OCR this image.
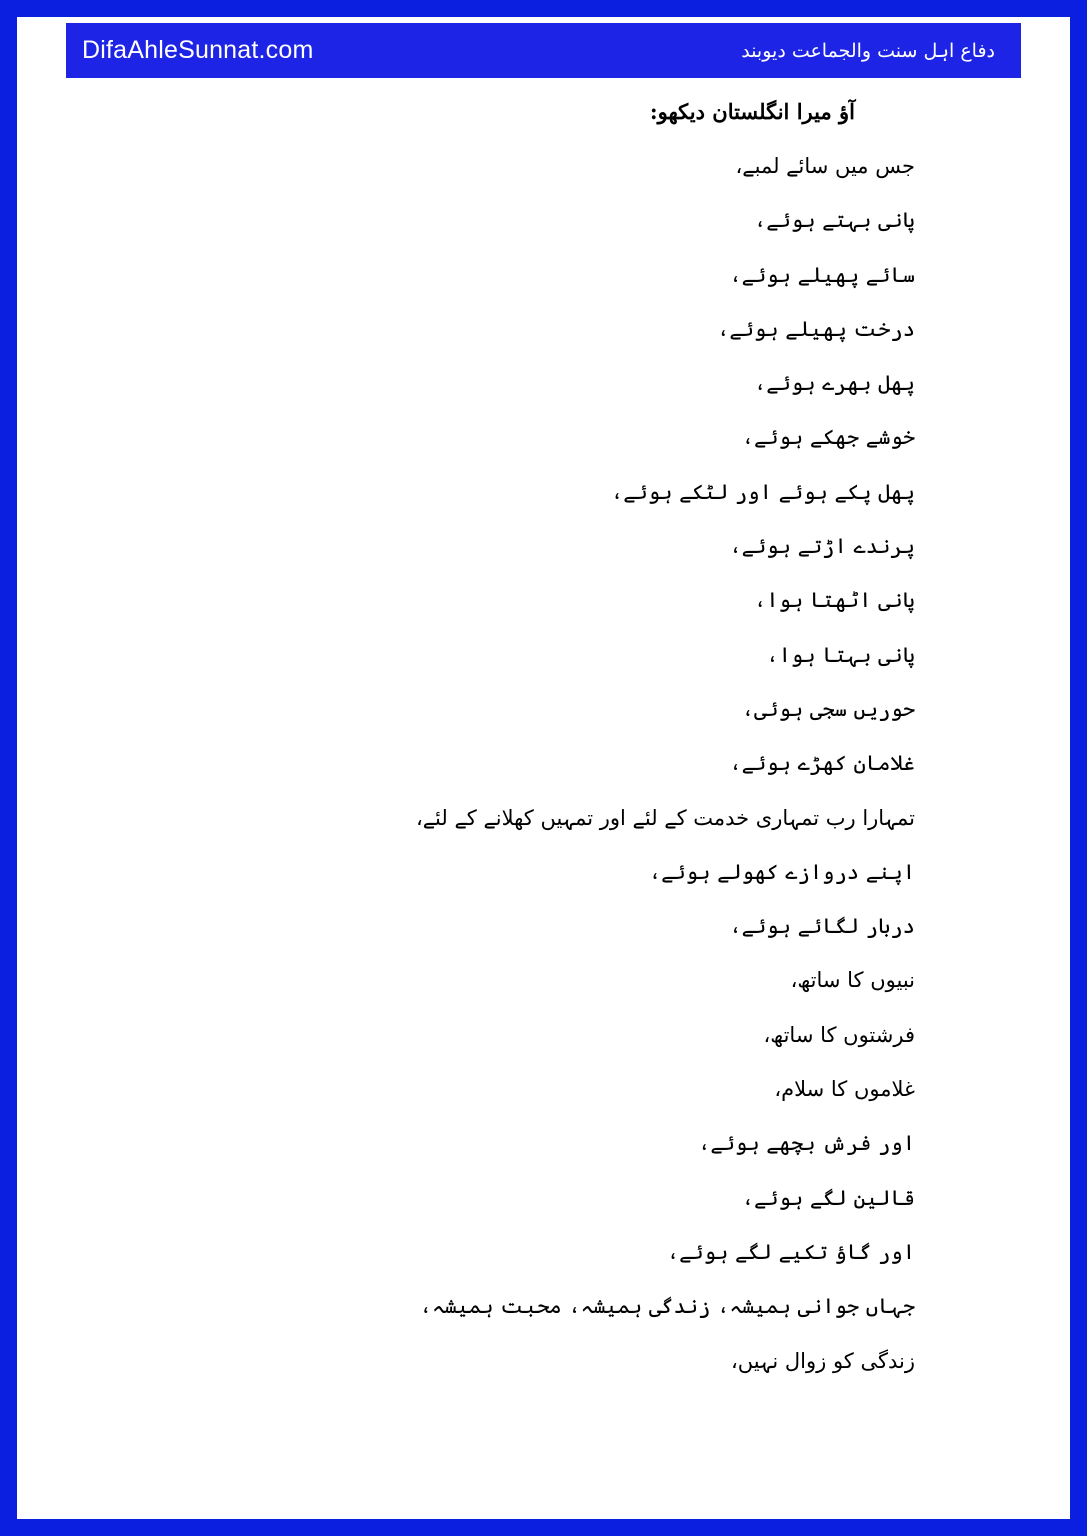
DifaAhleSunnat.com	دفاع اہل سنت والجماعت دیوبند
آؤ میرا انگلستان دیکھو:
جس میں سائے لمبے،
پانی بہتے ہوئے،
سائے پھیلے ہوئے،
درخت پھیلے ہوئے،
پھل بھرے ہوئے،
خوشے جھکے ہوئے،
پھل پکے ہوئے اور لٹکے ہوئے،
پرندے اڑتے ہوئے،
پانی اٹھتا ہوا،
پانی بہتا ہوا،
حوریں سجی ہوئی،
غلامان کھڑے ہوئے،
تمہارا رب تمہاری خدمت کے لئے اور تمہیں کھلانے کے لئے،
اپنے دروازے کھولے ہوئے،
دربار لگائے ہوئے،
نبیوں کا ساتھ،
فرشتوں کا ساتھ،
غلاموں کا سلام،
اور فرش بچھے ہوئے،
قالین لگے ہوئے،
اور گاؤ تکیے لگے ہوئے،
جہاں جوانی ہمیشہ، زندگی ہمیشہ، محبت ہمیشہ،
زندگی کو زوال نہیں،
